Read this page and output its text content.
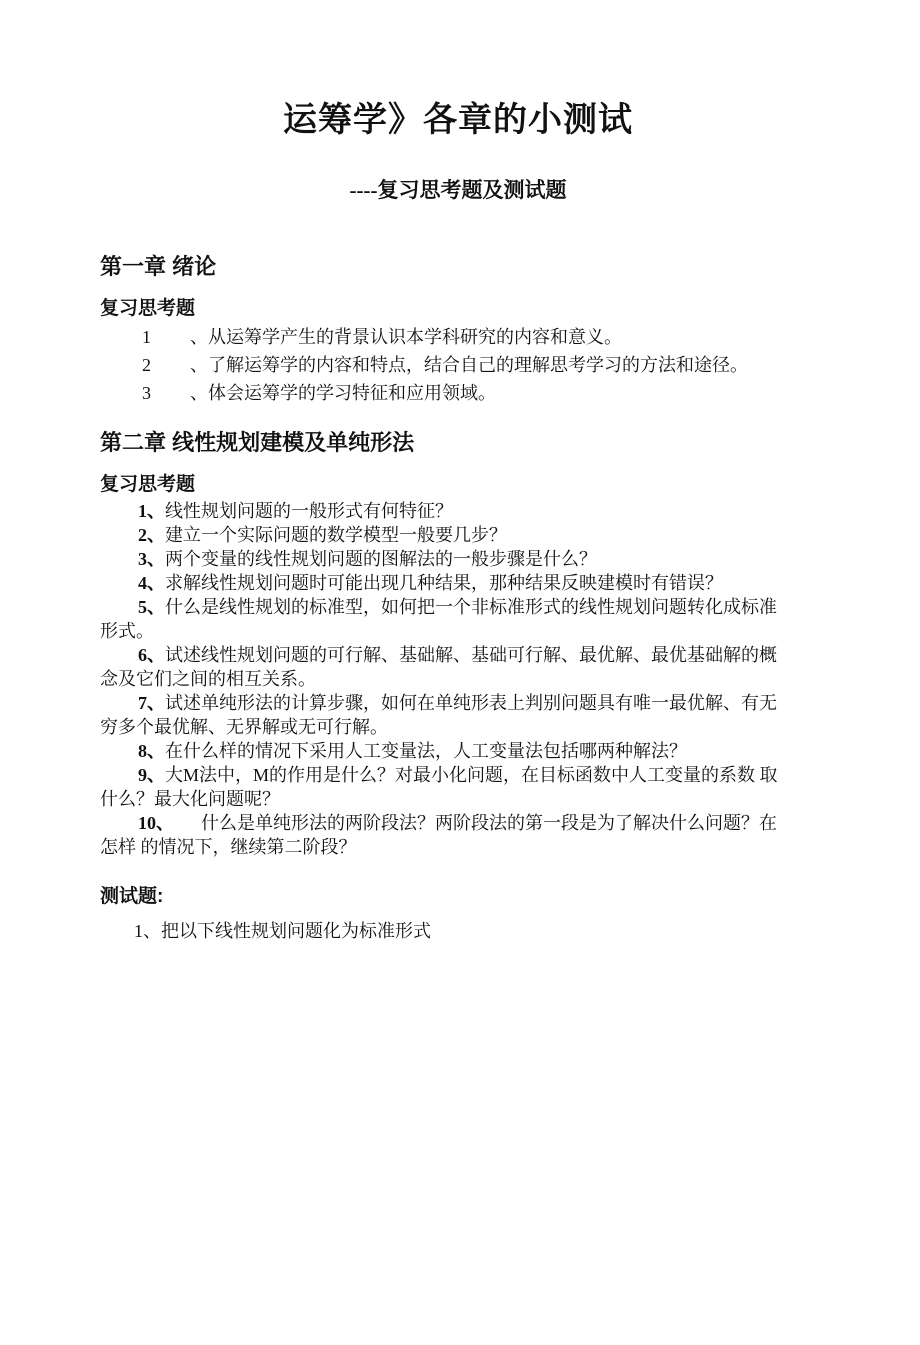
运筹学》各章的小测试
----复习思考题及测试题
第一章 绪论
复习思考题
1 、从运筹学产生的背景认识本学科研究的内容和意义。
2 、了解运筹学的内容和特点，结合自己的理解思考学习的方法和途径。
3 、体会运筹学的学习特征和应用领域。
第二章 线性规划建模及单纯形法
复习思考题
1、线性规划问题的一般形式有何特征？
2、建立一个实际问题的数学模型一般要几步？
3、两个变量的线性规划问题的图解法的一般步骤是什么？
4、求解线性规划问题时可能出现几种结果，那种结果反映建模时有错误？
5、什么是线性规划的标准型，如何把一个非标准形式的线性规划问题转化成标准
形式。
6、试述线性规划问题的可行解、基础解、基础可行解、最优解、最优基础解的概
念及它们之间的相互关系。
7、试述单纯形法的计算步骤，如何在单纯形表上判别问题具有唯一最优解、有无
穷多个最优解、无界解或无可行解。
8、在什么样的情况下采用人工变量法，人工变量法包括哪两种解法？
9、大M法中，M的作用是什么？对最小化问题，在目标函数中人工变量的系数 取
什么？最大化问题呢？
10、　　什么是单纯形法的两阶段法？两阶段法的第一段是为了解决什么问题？在
怎样 的情况下，继续第二阶段？
测试题:
1、把以下线性规划问题化为标准形式
